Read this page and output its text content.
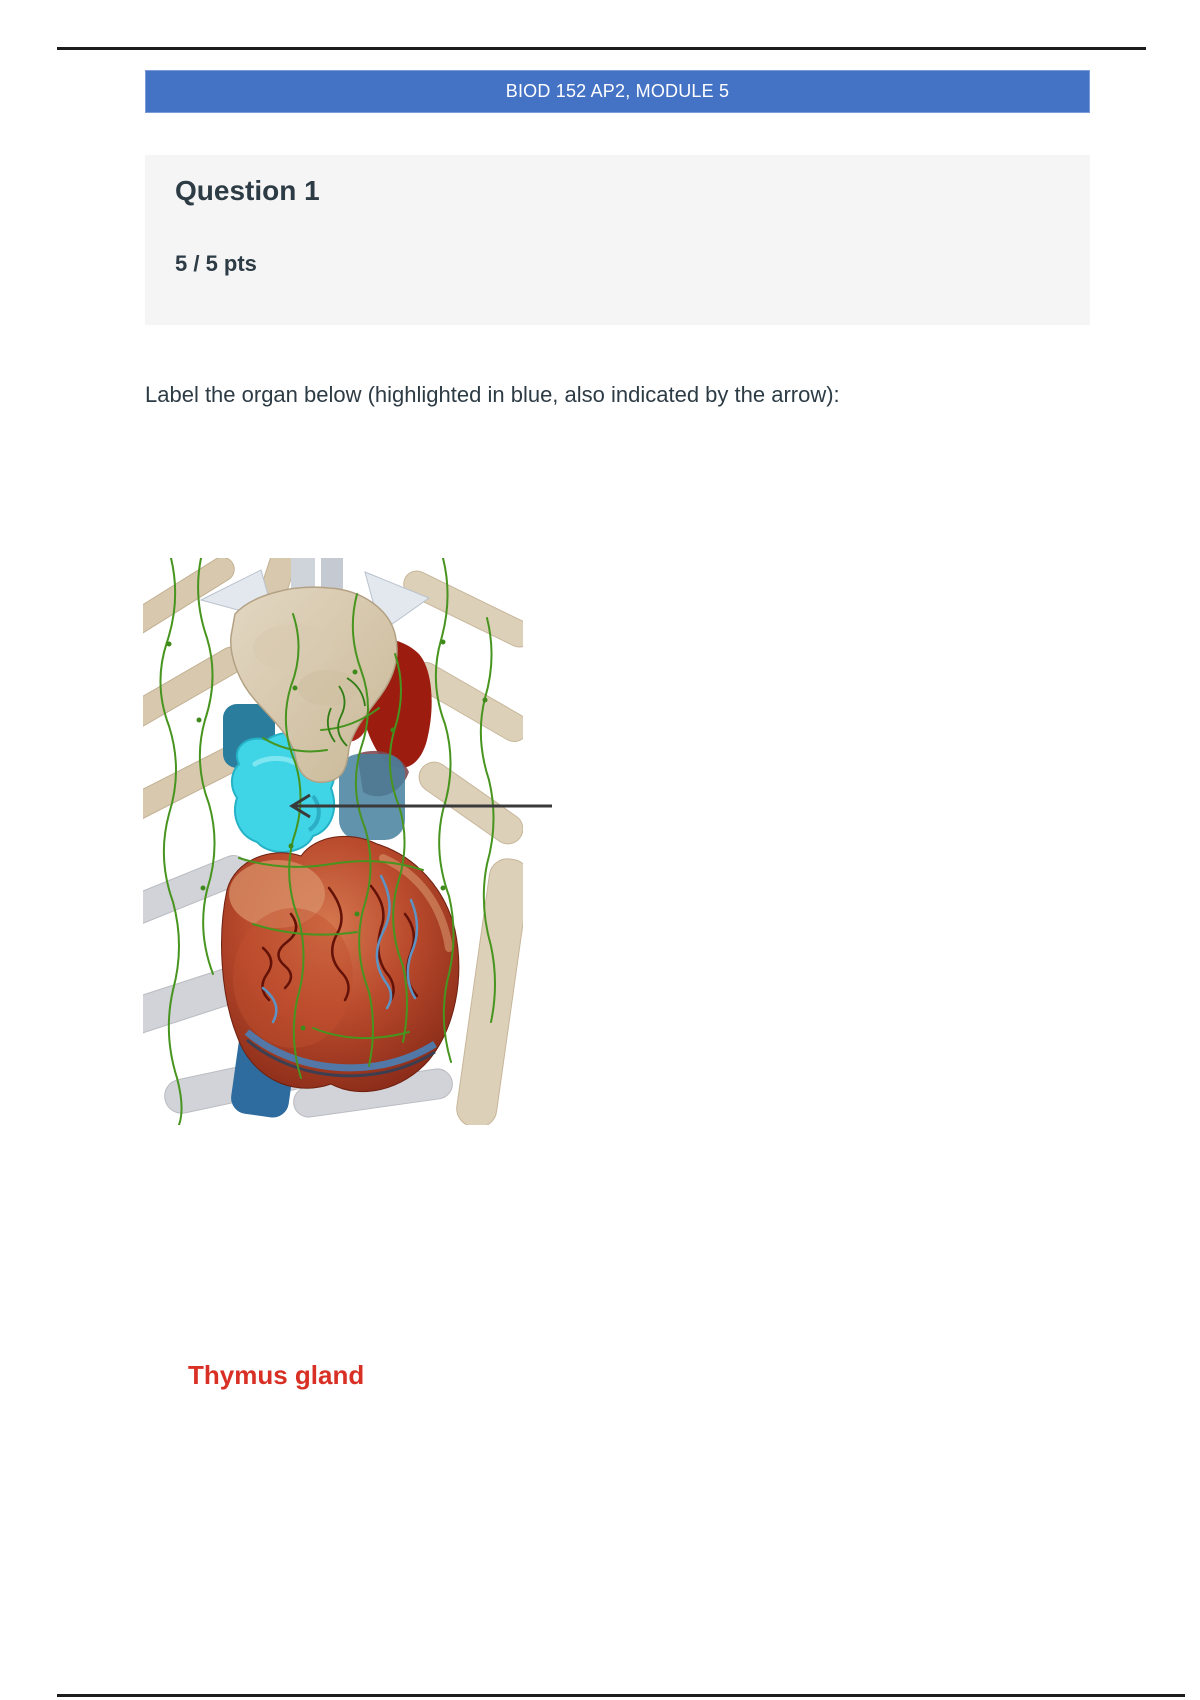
BIOD 152 AP2, MODULE 5
Question 1
5 / 5 pts
Label the organ below (highlighted in blue, also indicated by the arrow):
Thymus gland
